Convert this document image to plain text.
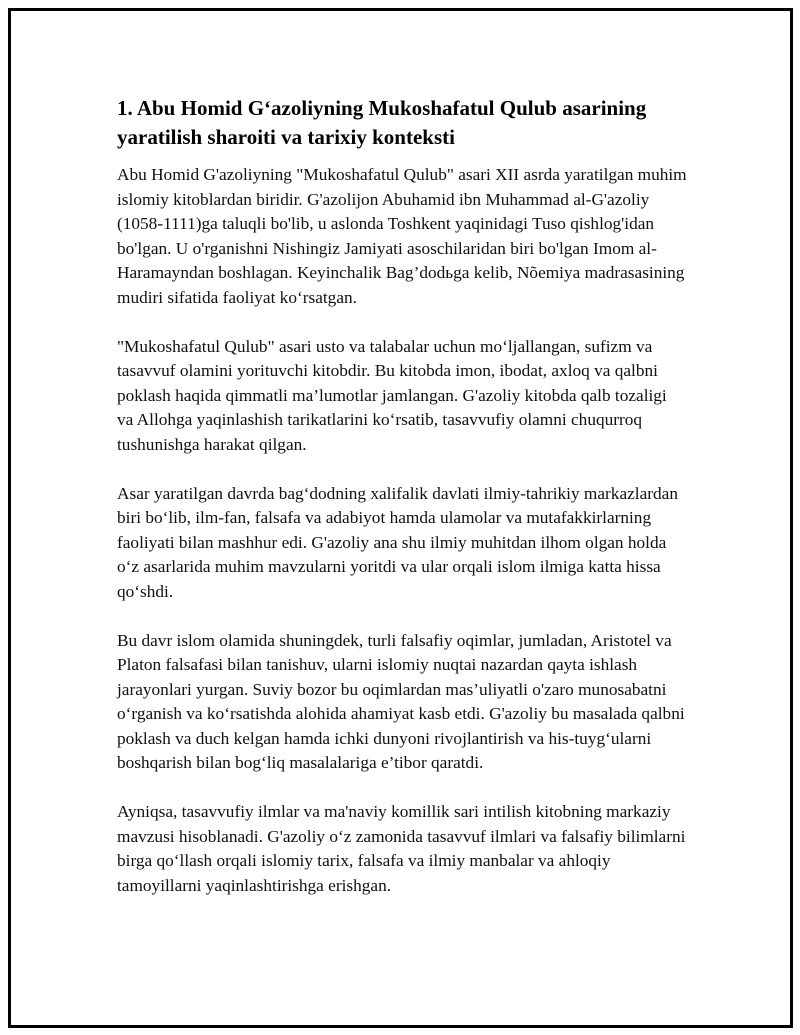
1. Abu Homid G‘azoliyning Mukoshafatul Qulub asarining yaratilish sharoiti va tarixiy konteksti

Abu Homid G'azoliyning "Mukoshafatul Qulub" asari XII asrda yaratilgan muhim islomiy kitoblardan biridir. G'azolijon Abuhamid ibn Muhammad al-G'azoliy (1058-1111)ga taluqli bo'lib, u aslonda Toshkent yaqinidagi Tuso qishlog'idan bo'lgan. U o'rganishni Nishingiz Jamiyati asoschilaridan biri bo'lgan Imom al-Haramayndan boshlagan. Keyinchalik Bag’dodьga kelib, Nõemiya madrasasining mudiri sifatida faoliyat ko‘rsatgan.

"Mukoshafatul Qulub" asari usto va talabalar uchun mo‘ljallangan, sufizm va tasavvuf olamini yorituvchi kitobdir. Bu kitobda imon, ibodat, axloq va qalbni poklash haqida qimmatli ma’lumotlar jamlangan. G'azoliy kitobda qalb tozaligi va Allohga yaqinlashish tarikatlarini ko‘rsatib, tasavvufiy olamni chuqurroq tushunishga harakat qilgan.

Asar yaratilgan davrda bag‘dodning xalifalik davlati ilmiy-tahrikiy markazlardan biri bo‘lib, ilm-fan, falsafa va adabiyot hamda ulamolar va mutafakkirlarning faoliyati bilan mashhur edi. G'azoliy ana shu ilmiy muhitdan ilhom olgan holda o‘z asarlarida muhim mavzularni yoritdi va ular orqali islom ilmiga katta hissa qo‘shdi.

Bu davr islom olamida shuningdek, turli falsafiy oqimlar, jumladan, Aristotel va Platon falsafasi bilan tanishuv, ularni islomiy nuqtai nazardan qayta ishlash jarayonlari yurgan. Suviy bozor bu oqimlardan mas’uliyatli o'zaro munosabatni o‘rganish va ko‘rsatishda alohida ahamiyat kasb etdi. G'azoliy bu masalada qalbni poklash va duch kelgan hamda ichki dunyoni rivojlantirish va his-tuyg‘ularni boshqarish bilan bog‘liq masalalariga e’tibor qaratdi.

Ayniqsa, tasavvufiy ilmlar va ma'naviy komillik sari intilish kitobning markaziy mavzusi hisoblanadi. G'azoliy o‘z zamonida tasavvuf ilmlari va falsafiy bilimlarni birga qo‘llash orqali islomiy tarix, falsafa va ilmiy manbalar va ahloqiy tamoyillarni yaqinlashtirishga erishgan.
